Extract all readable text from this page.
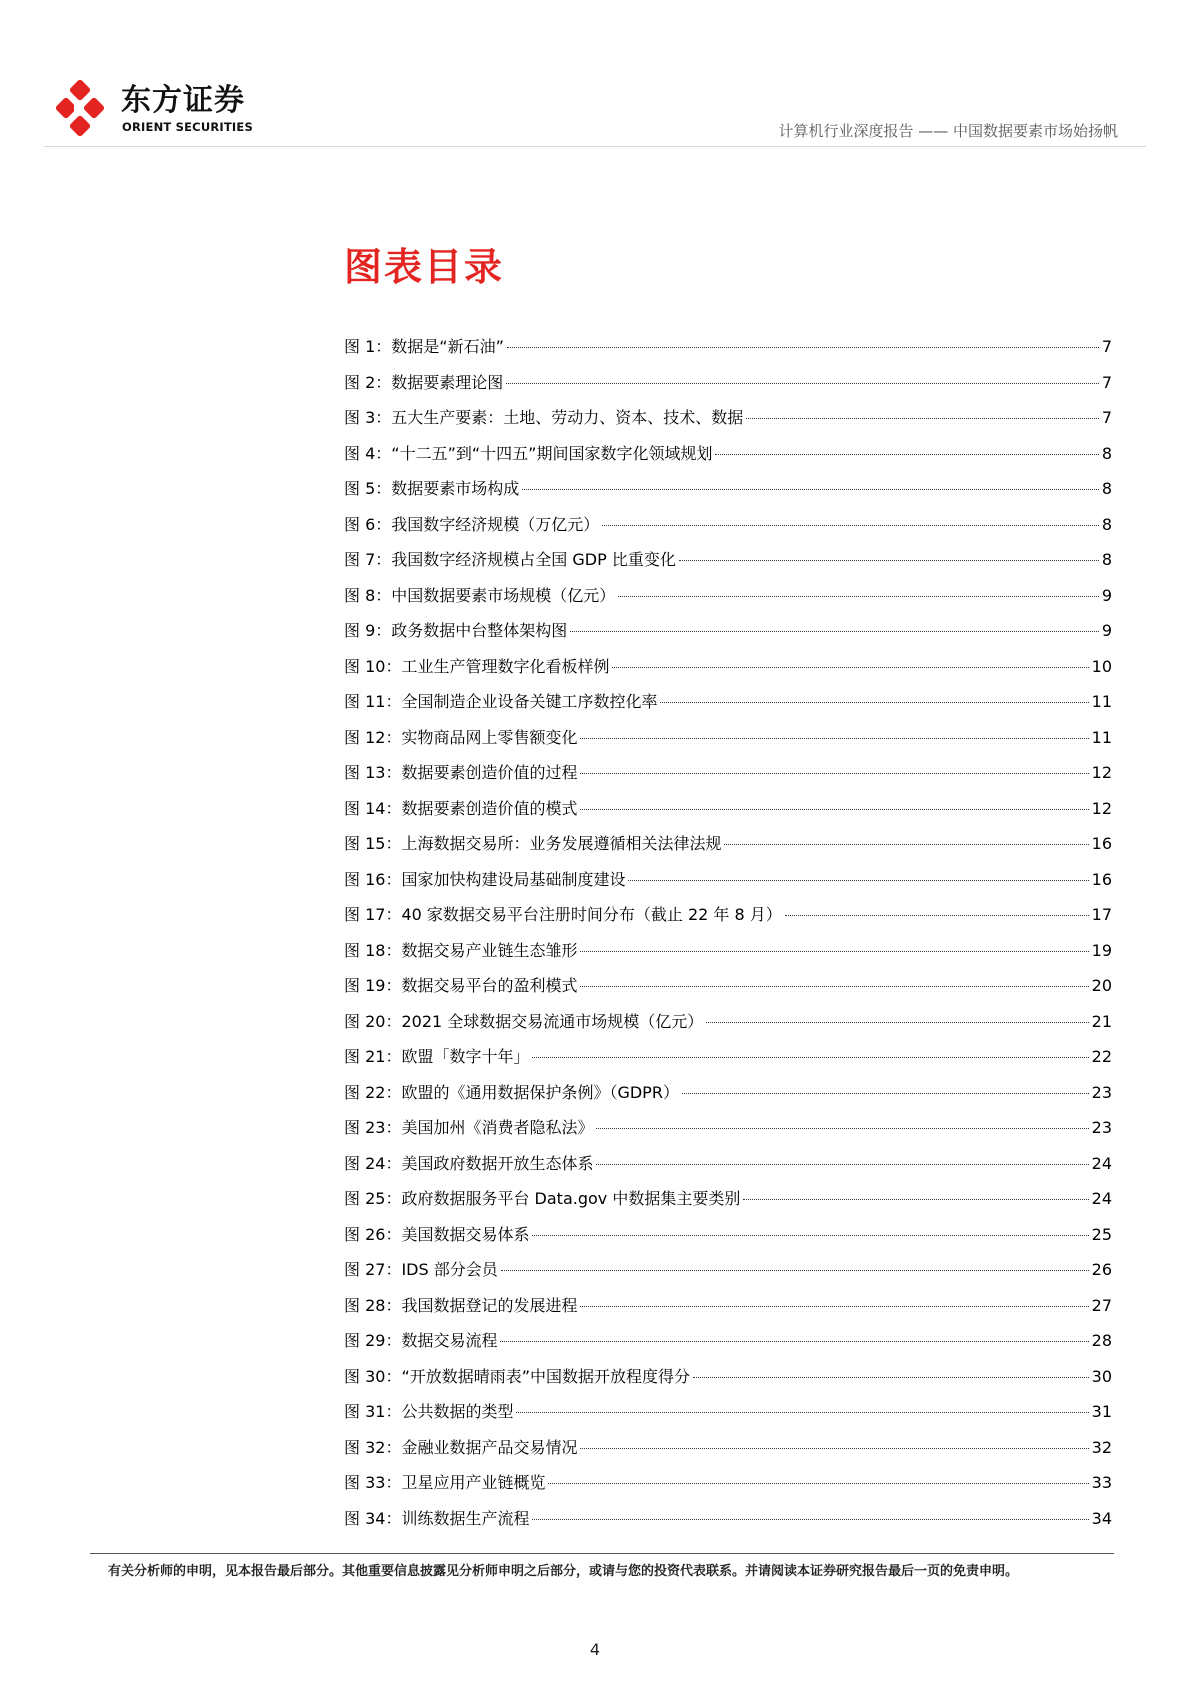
东方证券
ORIENT SECURITIES	计算机行业深度报告 —— 中国数据要素市场始扬帆
图表目录
图 1： 数据是“新石油”	7
图 2： 数据要素理论图	7
图 3： 五大生产要素：土地、劳动力、资本、技术、数据	7
图 4： “十二五”到“十四五”期间国家数字化领域规划	8
图 5： 数据要素市场构成	8
图 6： 我国数字经济规模（万亿元）	8
图 7： 我国数字经济规模占全国 GDP 比重变化	8
图 8： 中国数据要素市场规模（亿元）	9
图 9： 政务数据中台整体架构图	9
图 10： 工业生产管理数字化看板样例	10
图 11： 全国制造企业设备关键工序数控化率	11
图 12： 实物商品网上零售额变化	11
图 13： 数据要素创造价值的过程	12
图 14： 数据要素创造价值的模式	12
图 15： 上海数据交易所：业务发展遵循相关法律法规	16
图 16： 国家加快构建设局基础制度建设	16
图 17： 40 家数据交易平台注册时间分布（截止 22 年 8 月）	17
图 18： 数据交易产业链生态雏形	19
图 19： 数据交易平台的盈利模式	20
图 20： 2021 全球数据交易流通市场规模（亿元）	21
图 21： 欧盟「数字十年」	22
图 22： 欧盟的《通用数据保护条例》（GDPR）	23
图 23： 美国加州《消费者隐私法》	23
图 24： 美国政府数据开放生态体系	24
图 25： 政府数据服务平台 Data.gov 中数据集主要类别	24
图 26： 美国数据交易体系	25
图 27： IDS 部分会员	26
图 28： 我国数据登记的发展进程	27
图 29： 数据交易流程	28
图 30： “开放数据晴雨表”中国数据开放程度得分	30
图 31： 公共数据的类型	31
图 32： 金融业数据产品交易情况	32
图 33： 卫星应用产业链概览	33
图 34： 训练数据生产流程	34
有关分析师的申明，见本报告最后部分。其他重要信息披露见分析师申明之后部分，或请与您的投资代表联系。并请阅读本证券研究报告最后一页的免责申明。
4
